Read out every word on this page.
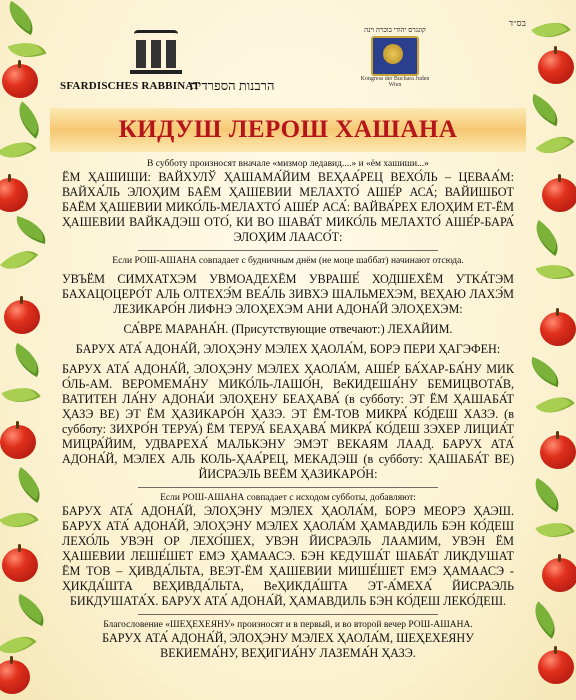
SFARDISCHES RABBINAT
הרבנות הספרדית
קונגרס יהודי בוכרה וינה
Kongress der Buchara Juden Wien
בס״ד
КИДУШ ЛЕРОШ ХАШАНА

В субботу произносят вначале «мизмор ледавид....» и «ём хашиши...»

ЁМ ҲАШИШИ: ВАЙХУЛЎ ҲАШАМА́ЙИМ ВЕҲАА́РЕЦ ВЕХО́ЛЬ – ЦЕВАА́М: ВАЙХА́ЛЬ ЭЛОҲИМ БАЁМ ҲАШЕВИИ МЕЛАХТО́ АШЕ́Р АСА́; ВАЙИШБОТ БАЁМ ҲАШЕВИИ МИКО́ЛЬ-МЕЛАХТО́ АШЕ́Р АСА́: ВАЙВА́РЕХ ЕЛОҲИМ ЕТ-ЁМ ҲАШЕВИИ ВАЙКАДЭШ ОТО́, КИ ВО ШАВА́Т МИКО́ЛЬ МЕЛАХТО́ АШЕ́Р-БАРА́ ЭЛОҲИМ ЛААСО́Т:

Если РОШ-АШАНА совпадает с будничным днём (не моце шаббат) начинают отсюда.

УВЪЁМ СИМХАТХЭМ УВМОАДЕХЁМ УВРАШЕ́ ХОДШЕХЁМ УТКА́ТЭМ БАХАЦОЦЕРО́Т АЛЬ ОЛТЕХЭ́М ВЕА́ЛЬ ЗИВХЭ ШАЛЬМЕХЭМ, ВЕҲАЮ ЛАХЭ́М ЛЕЗИКАРО́Н ЛИФНЭ ЭЛОҲЕХЭМ АНИ АДОНА́Й ЭЛОҲЕХЭМ:

СА́ВРЕ МАРАНА́Н. (Присутствующие отвечают:) ЛЕХАЙИМ.

БАРУХ АТА́ АДОНА́Й, ЭЛОҲЭНУ МЭЛЕХ ҲАОЛА́М, БОРЭ ПЕРИ ҲАГЭФЕН:

БАРУХ АТА́ АДОНА́Й, ЭЛОҲЭНУ МЭЛЕХ ҲАОЛА́М, АШЕ́Р БА́ХАР-БА́НУ МИК О́ЛЬ-АМ. ВЕРОМЕМА́НУ МИКО́ЛЬ-ЛАШО́Н, ВеКИДЕША́НУ БЕМИЦВОТА́В, ВАТИТЕН ЛА́НУ АДОНА́И ЭЛОҲЕНУ БЕАҲАВА́ (в субботу: ЭТ ЁМ ҲАШАБА́Т ҲАЗЭ ВЕ) ЭТ ЁМ ҲАЗИКАРО́Н ҲАЗЭ. ЭТ ЁМ-ТОВ МИКРА́ КО́ДЕШ ХАЗЭ. (в субботу: ЗИХРО́Н ТЕРУА́) ЁМ ТЕРУА́ БЕАҲАВА́ МИКРА́ КО́ДЕШ ЗЭХЕР ЛИЦИА́Т МИЦРА́ЙИМ, УДВАРЕХА́ МАЛЬКЭНУ ЭМЭТ ВЕКАЯМ ЛААД. БАРУХ АТА́ АДОНА́Й, МЭЛЕХ АЛЬ КОЛЬ-ҲАА́РЕЦ, МЕКАДЭШ (в субботу: ҲАШАБА́Т ВЕ) ЙИСРАЭЛЬ ВЕЁМ ҲАЗИКАРО́Н:

Если РОШ-АШАНА совпадает с исходом субботы, добавляют:

БАРУХ АТА́ АДОНА́Й, ЭЛОҲЭНУ МЭЛЕХ ҲАОЛА́М, БОРЭ МЕОРЭ ҲАЭШ. БАРУХ АТА́ АДОНА́Й, ЭЛОҲЭНУ МЭЛЕХ ҲАОЛА́М ҲАМАВДИЛЬ БЭН КО́ДЕШ ЛЕХО́ЛЬ УВЭН ОР ЛЕХО́ШЕХ, УВЭН ЙИСРАЭЛЬ ЛААМИМ, УВЭН ЁМ ҲАШЕВИИ ЛЕШЕ́ШЕТ ЕМЭ ҲАМААСЭ. БЭН КЕДУША́Т ШАБА́Т ЛИКДУШАТ ЁМ ТОВ – ҲИВДА́ЛЬТА, ВЕЭТ-ЁМ ҲАШЕВИИ МИШЕ́ШЕТ ЕМЭ ҲАМААСЭ - ҲИКДА́ШТА ВЕҲИВДА́ЛЬТА, ВеҲИКДА́ШТА ЭТ-А́МЕХА́ ЙИСРАЭЛЬ БИКДУШАТА́Х. БАРУХ АТА́ АДОНА́Й, ҲАМАВДИЛЬ БЭН КО́ДЕШ ЛЕКО́ДЕШ.

Благословение «ШЕҲЕХЕЯНУ» произносят и в первый, и во второй вечер РОШ-АШАНА.

БАРУХ АТА́ АДОНА́Й, ЭЛОҲЭНУ МЭЛЕХ ҲАОЛА́М, ШЕҲЕХЕЯНУ ВЕКИЕМА́НУ, ВЕҲИГИА́НУ ЛАЗЕМА́Н ҲАЗЭ.
